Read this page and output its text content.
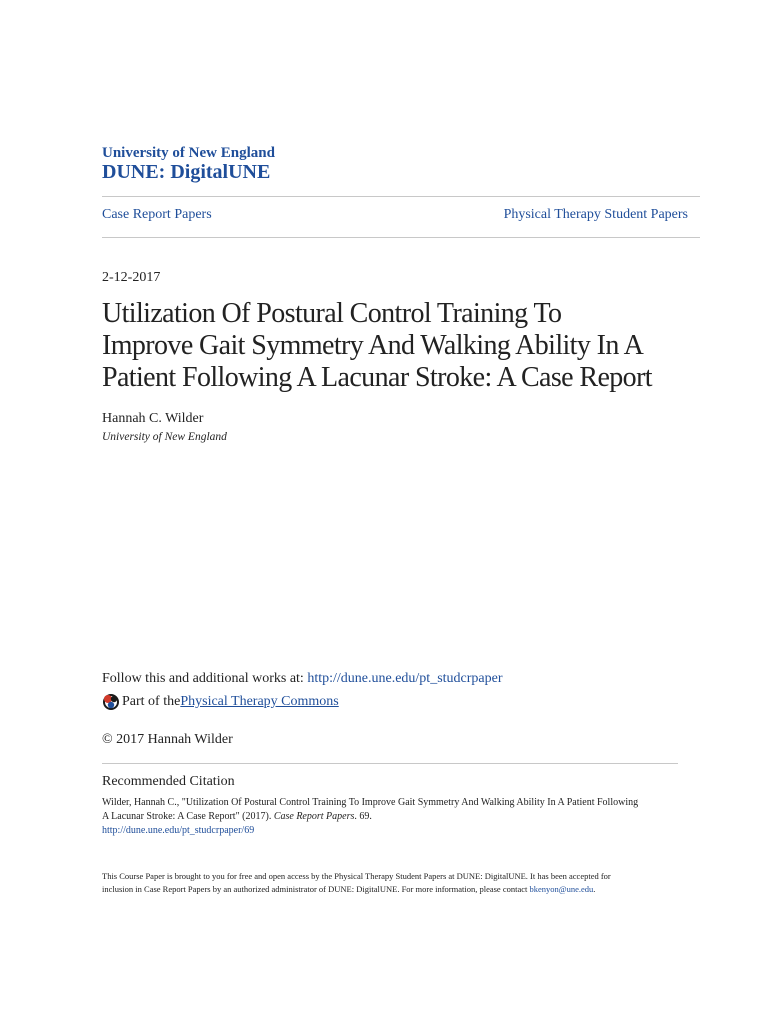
University of New England
DUNE: DigitalUNE
Case Report Papers	Physical Therapy Student Papers
2-12-2017
Utilization Of Postural Control Training To
Improve Gait Symmetry And Walking Ability In A
Patient Following A Lacunar Stroke: A Case Report
Hannah C. Wilder
University of New England
Follow this and additional works at: http://dune.une.edu/pt_studcrpaper
Part of the Physical Therapy Commons
© 2017 Hannah Wilder
Recommended Citation
Wilder, Hannah C., "Utilization Of Postural Control Training To Improve Gait Symmetry And Walking Ability In A Patient Following
A Lacunar Stroke: A Case Report" (2017). Case Report Papers. 69.
http://dune.une.edu/pt_studcrpaper/69
This Course Paper is brought to you for free and open access by the Physical Therapy Student Papers at DUNE: DigitalUNE. It has been accepted for
inclusion in Case Report Papers by an authorized administrator of DUNE: DigitalUNE. For more information, please contact bkenyon@une.edu.
